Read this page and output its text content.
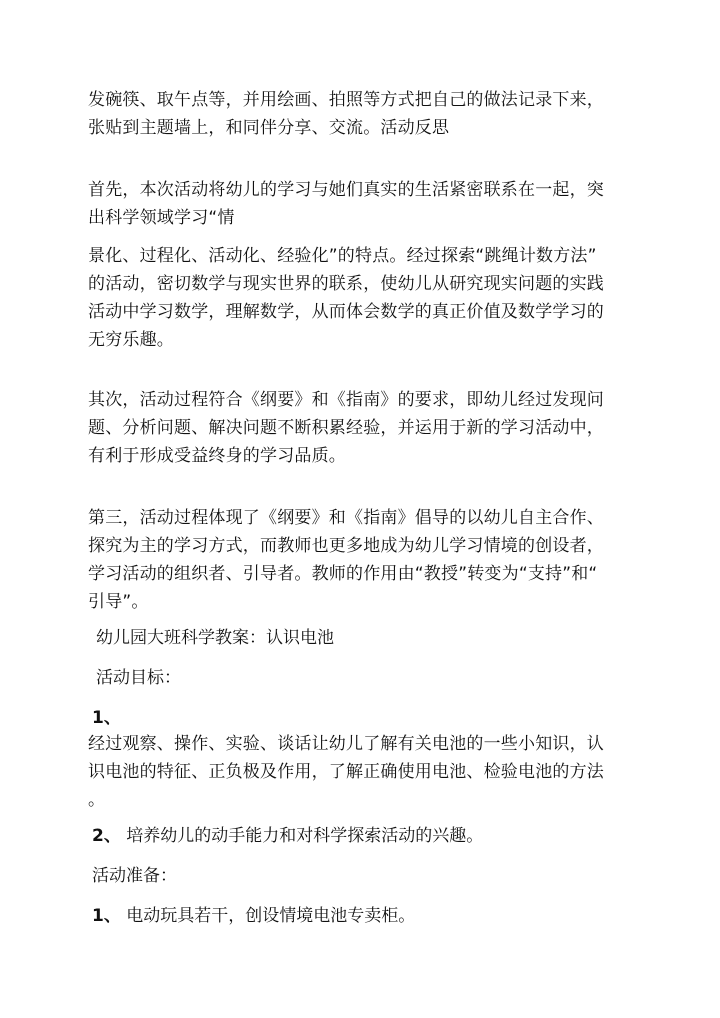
发碗筷、取午点等，并用绘画、拍照等方式把自己的做法记录下来，
张贴到主题墙上，和同伴分享、交流。活动反思
首先，本次活动将幼儿的学习与她们真实的生活紧密联系在一起，突
出科学领域学习“情
景化、过程化、活动化、经验化”的特点。经过探索“跳绳计数方法”
的活动，密切数学与现实世界的联系，使幼儿从研究现实问题的实践
活动中学习数学，理解数学，从而体会数学的真正价值及数学学习的
无穷乐趣。
其次，活动过程符合《纲要》和《指南》的要求，即幼儿经过发现问
题、分析问题、解决问题不断积累经验，并运用于新的学习活动中，
有利于形成受益终身的学习品质。
第三，活动过程体现了《纲要》和《指南》倡导的以幼儿自主合作、
探究为主的学习方式，而教师也更多地成为幼儿学习情境的创设者，
学习活动的组织者、引导者。教师的作用由“教授”转变为“支持”和“
引导”。
幼儿园大班科学教案：认识电池
活动目标：
1、
经过观察、操作、实验、谈话让幼儿了解有关电池的一些小知识，认
识电池的特征、正负极及作用，了解正确使用电池、检验电池的方法
。
2、 培养幼儿的动手能力和对科学探索活动的兴趣。
活动准备：
1、 电动玩具若干，创设情境电池专卖柜。
